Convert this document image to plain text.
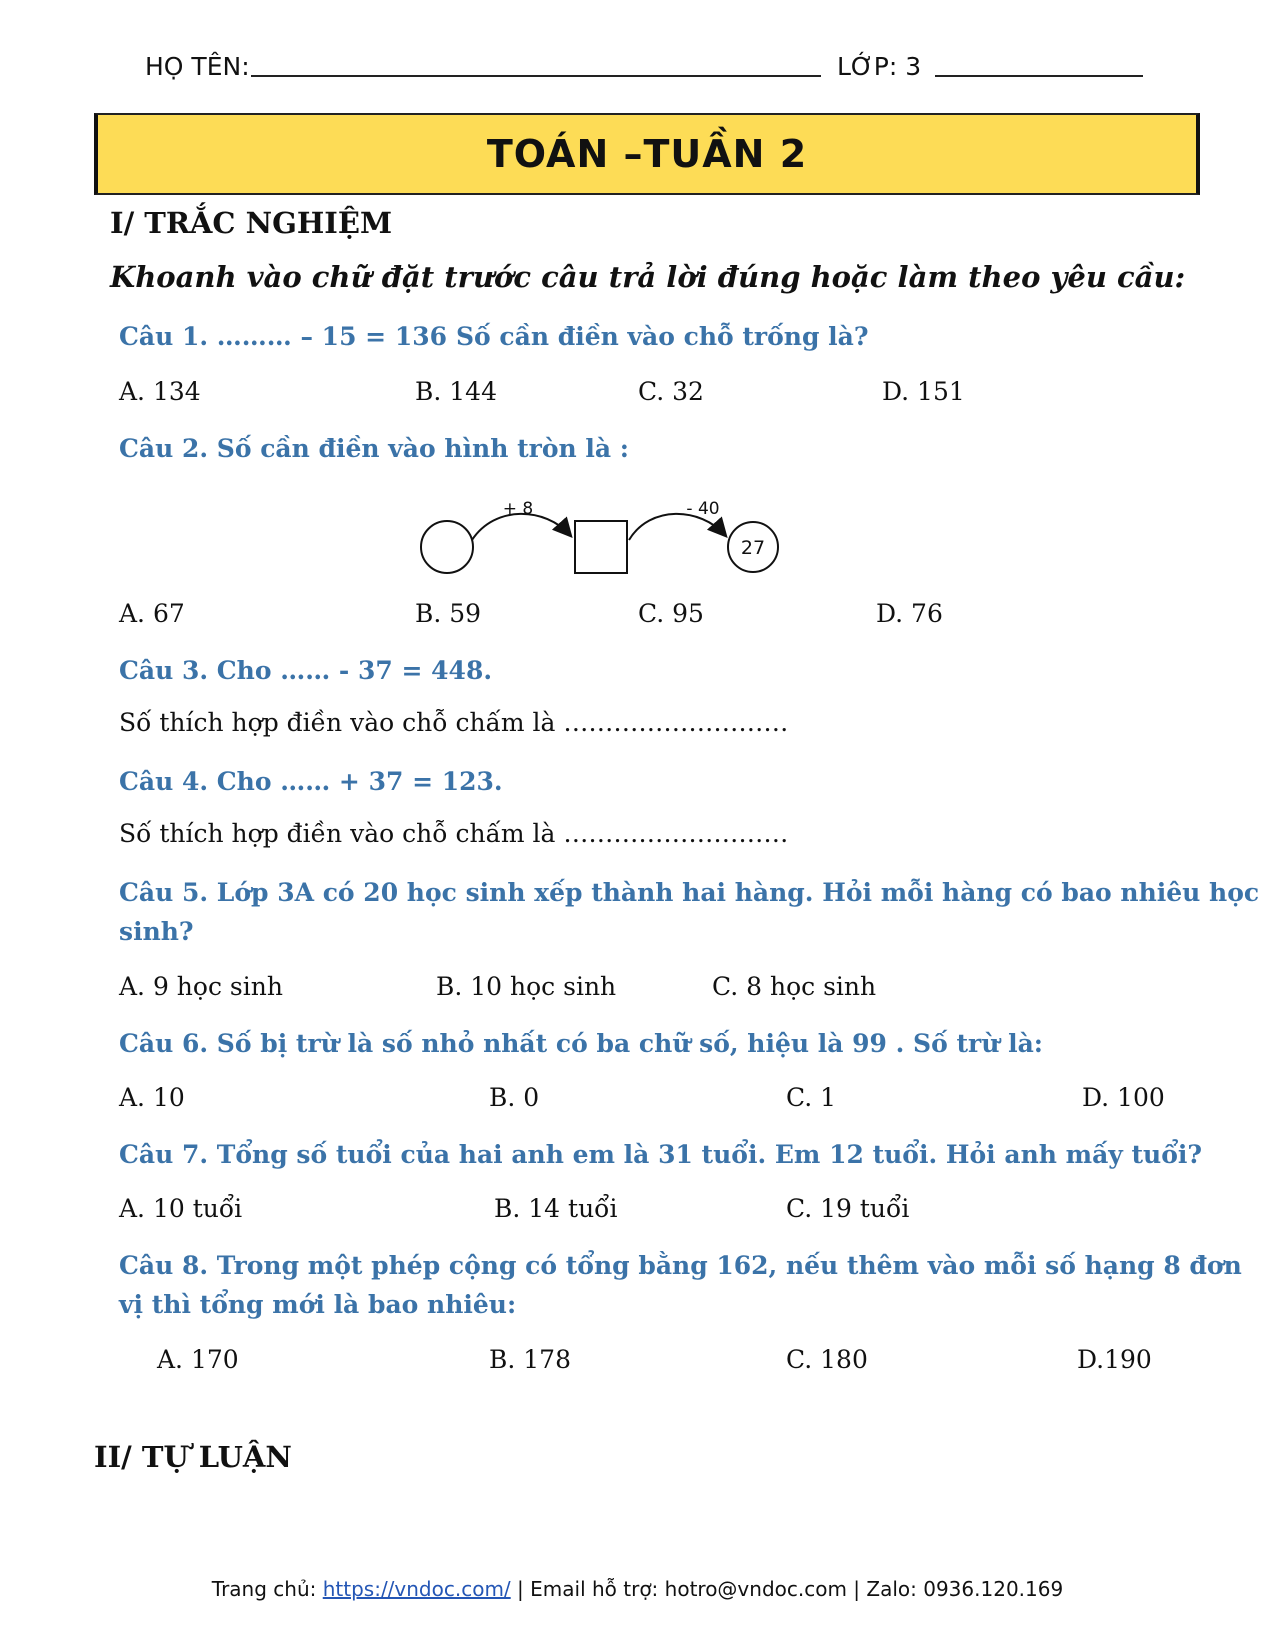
HỌ TÊN:	LỚP: 3
TOÁN –TUẦN 2
I/ TRẮC NGHIỆM
Khoanh vào chữ đặt trước câu trả lời đúng hoặc làm theo yêu cầu:
Câu 1. ……… – 15 = 136 Số cần điền vào chỗ trống là?
A. 134	B. 144	C. 32	D. 151
Câu 2. Số cần điền vào hình tròn là :
+ 8	- 40
27
A. 67	B. 59	C. 95	D. 76
Câu 3. Cho …… - 37 = 448.
Số thích hợp điền vào chỗ chấm là ………………………
Câu 4. Cho …… + 37 = 123.
Số thích hợp điền vào chỗ chấm là ………………………
Câu 5. Lớp 3A có 20 học sinh xếp thành hai hàng. Hỏi mỗi hàng có bao nhiêu học
sinh?
A. 9 học sinh	B. 10 học sinh	C. 8 học sinh
Câu 6. Số bị trừ là số nhỏ nhất có ba chữ số, hiệu là 99 . Số trừ là:
A. 10	B. 0	C. 1	D. 100
Câu 7. Tổng số tuổi của hai anh em là 31 tuổi. Em 12 tuổi. Hỏi anh mấy tuổi?
A. 10 tuổi	B. 14 tuổi	C. 19 tuổi
Câu 8. Trong một phép cộng có tổng bằng 162, nếu thêm vào mỗi số hạng 8 đơn
vị thì tổng mới là bao nhiêu:
A. 170	B. 178	C. 180	D.190
II/ TỰ LUẬN
Trang chủ: https://vndoc.com/ | Email hỗ trợ: hotro@vndoc.com | Zalo: 0936.120.169
